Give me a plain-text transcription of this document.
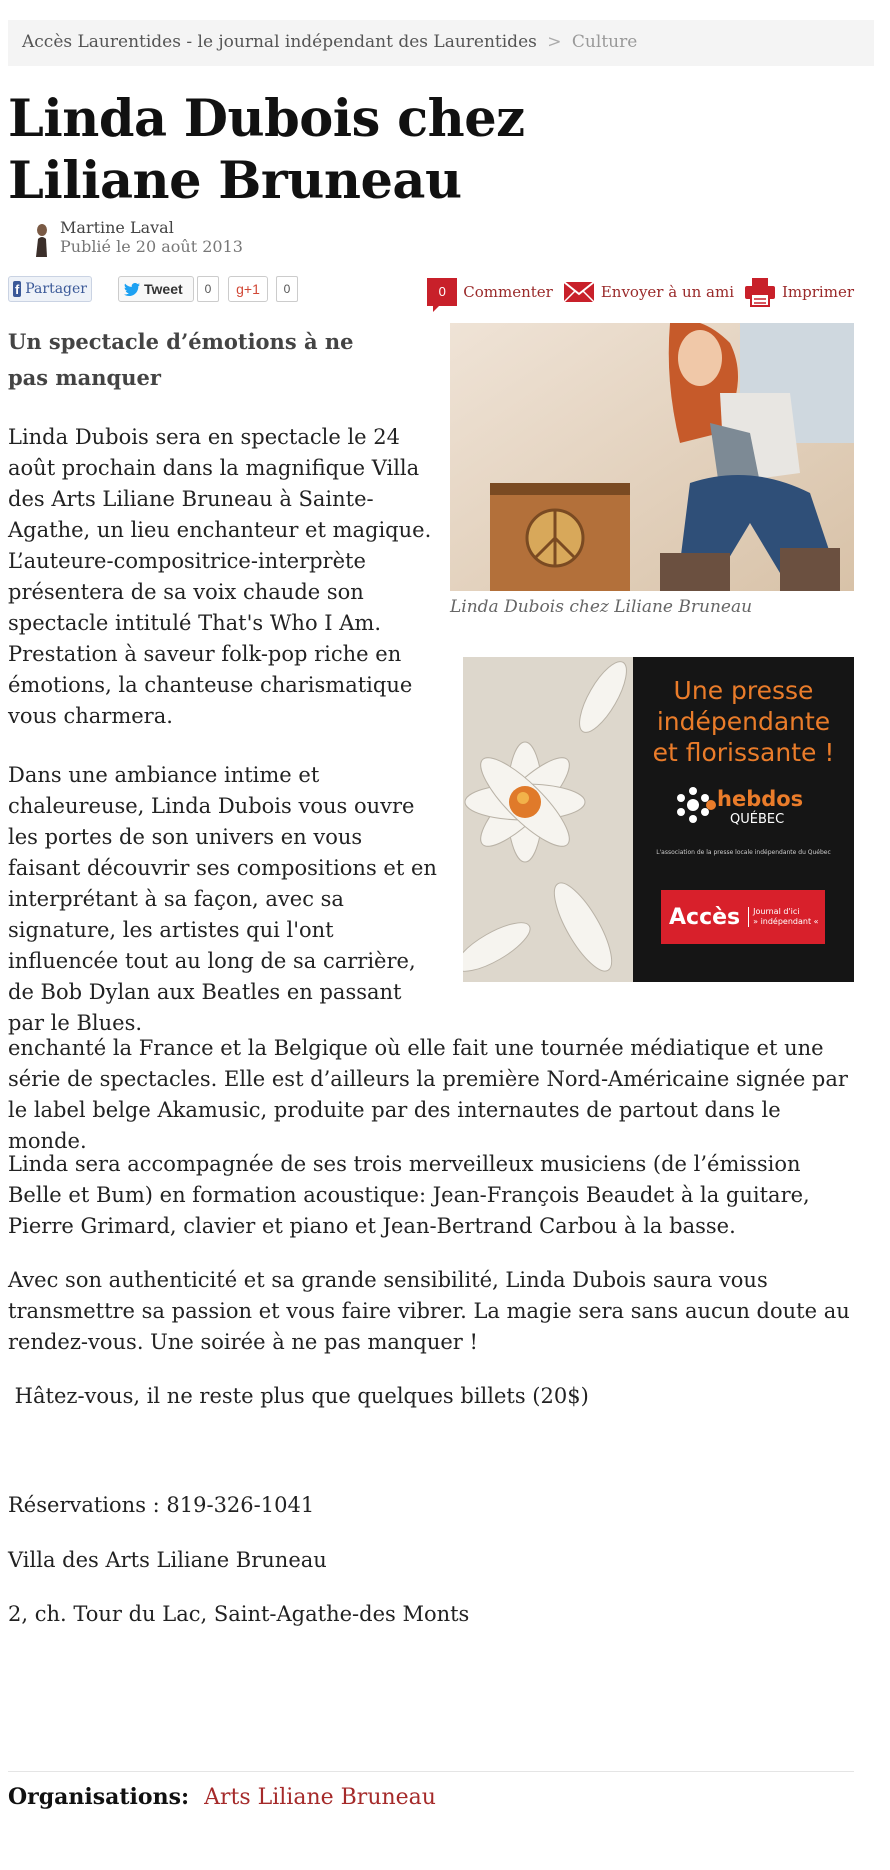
Accès Laurentides - le journal indépendant des Laurentides > Culture
Linda Dubois chez Liliane Bruneau
Martine Laval
Publié le 20 août 2013
f Partager	Tweet	0	g+1	0	0	Commenter	Envoyer à un ami	Imprimer
Un spectacle d’émotions à ne pas manquer

Linda Dubois sera en spectacle le 24 août prochain dans la magnifique Villa des Arts Liliane Bruneau à Sainte-Agathe, un lieu enchanteur et magique. L’auteure-compositrice-interprète présentera de sa voix chaude son spectacle intitulé That's Who I Am. Prestation à saveur folk-pop riche en émotions, la chanteuse charismatique vous charmera.

Dans une ambiance intime et chaleureuse, Linda Dubois vous ouvre les portes de son univers en vous faisant découvrir ses compositions et en interprétant à sa façon, avec sa signature, les artistes qui l'ont influencée tout au long de sa carrière, de Bob Dylan aux Beatles en passant par le Blues.

enchanté la France et la Belgique où elle fait une tournée médiatique et une série de spectacles. Elle est d’ailleurs la première Nord-Américaine signée par le label belge Akamusic, produite par des internautes de partout dans le monde.

Linda sera accompagnée de ses trois merveilleux musiciens (de l’émission Belle et Bum) en formation acoustique: Jean-François Beaudet à la guitare, Pierre Grimard, clavier et piano et Jean-Bertrand Carbou à la basse.

Avec son authenticité et sa grande sensibilité, Linda Dubois saura vous transmettre sa passion et vous faire vibrer. La magie sera sans aucun doute au rendez-vous. Une soirée à ne pas manquer !

Hâtez-vous, il ne reste plus que quelques billets (20$)

Réservations : 819-326-1041

Villa des Arts Liliane Bruneau

2, ch. Tour du Lac, Saint-Agathe-des Monts

Linda Dubois chez Liliane Bruneau
Une presse
indépendante
et florissante !
hebdos
QUÉBEC
L'association de la presse locale indépendante du Québec
Accès	Journal d'ici
» indépendant «
Organisations: Arts Liliane Bruneau
